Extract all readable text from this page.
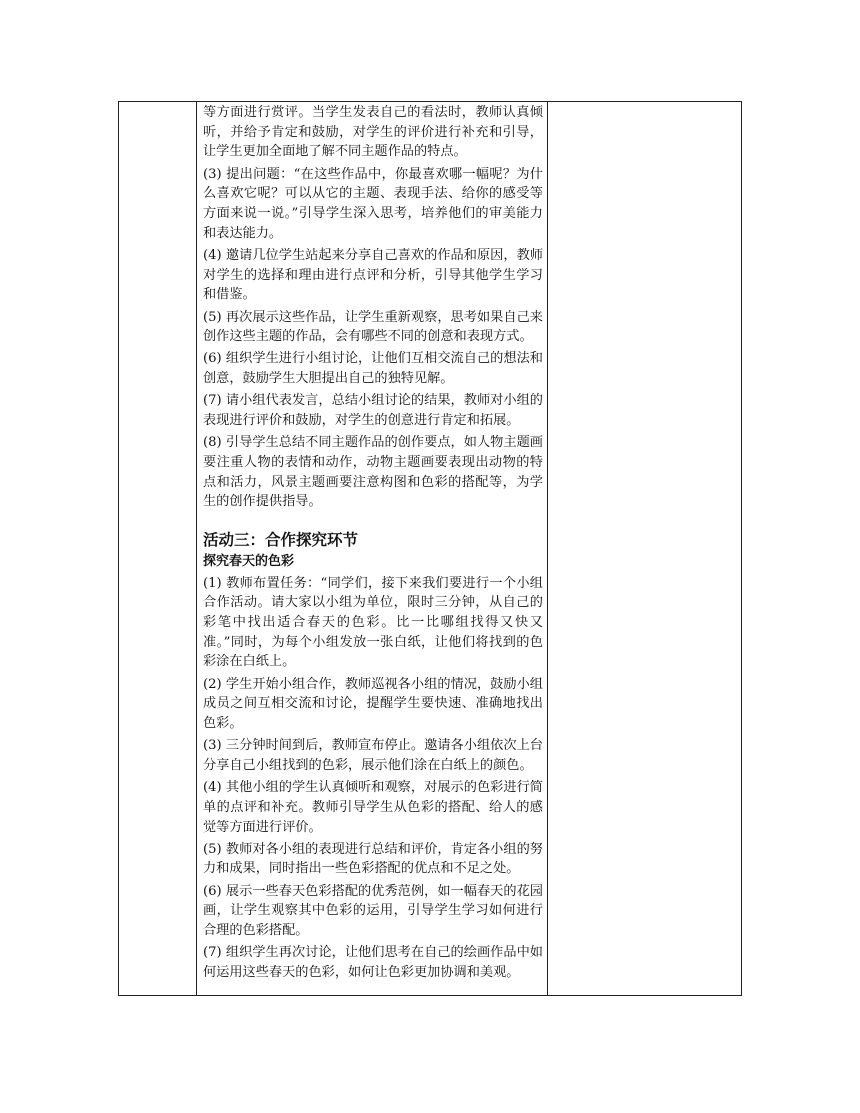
等方面进行赏评。当学生发表自己的看法时，教师认真倾听，并给予肯定和鼓励，对学生的评价进行补充和引导，让学生更加全面地了解不同主题作品的特点。

(3) 提出问题：“在这些作品中，你最喜欢哪一幅呢？为什么喜欢它呢？可以从它的主题、表现手法、给你的感受等方面来说一说。”引导学生深入思考，培养他们的审美能力和表达能力。

(4) 邀请几位学生站起来分享自己喜欢的作品和原因，教师对学生的选择和理由进行点评和分析，引导其他学生学习和借鉴。

(5) 再次展示这些作品，让学生重新观察，思考如果自己来创作这些主题的作品，会有哪些不同的创意和表现方式。

(6) 组织学生进行小组讨论，让他们互相交流自己的想法和创意，鼓励学生大胆提出自己的独特见解。

(7) 请小组代表发言，总结小组讨论的结果，教师对小组的表现进行评价和鼓励，对学生的创意进行肯定和拓展。

(8) 引导学生总结不同主题作品的创作要点，如人物主题画要注重人物的表情和动作，动物主题画要表现出动物的特点和活力，风景主题画要注意构图和色彩的搭配等，为学生的创作提供指导。

活动三：合作探究环节

探究春天的色彩

(1) 教师布置任务：“同学们，接下来我们要进行一个小组合作活动。请大家以小组为单位，限时三分钟，从自己的彩笔中找出适合春天的色彩。比一比哪组找得又快又准。”同时，为每个小组发放一张白纸，让他们将找到的色彩涂在白纸上。

(2) 学生开始小组合作，教师巡视各小组的情况，鼓励小组成员之间互相交流和讨论，提醒学生要快速、准确地找出色彩。

(3) 三分钟时间到后，教师宣布停止。邀请各小组依次上台分享自己小组找到的色彩，展示他们涂在白纸上的颜色。

(4) 其他小组的学生认真倾听和观察，对展示的色彩进行简单的点评和补充。教师引导学生从色彩的搭配、给人的感觉等方面进行评价。

(5) 教师对各小组的表现进行总结和评价，肯定各小组的努力和成果，同时指出一些色彩搭配的优点和不足之处。

(6) 展示一些春天色彩搭配的优秀范例，如一幅春天的花园画，让学生观察其中色彩的运用，引导学生学习如何进行合理的色彩搭配。

(7) 组织学生再次讨论，让他们思考在自己的绘画作品中如何运用这些春天的色彩，如何让色彩更加协调和美观。
